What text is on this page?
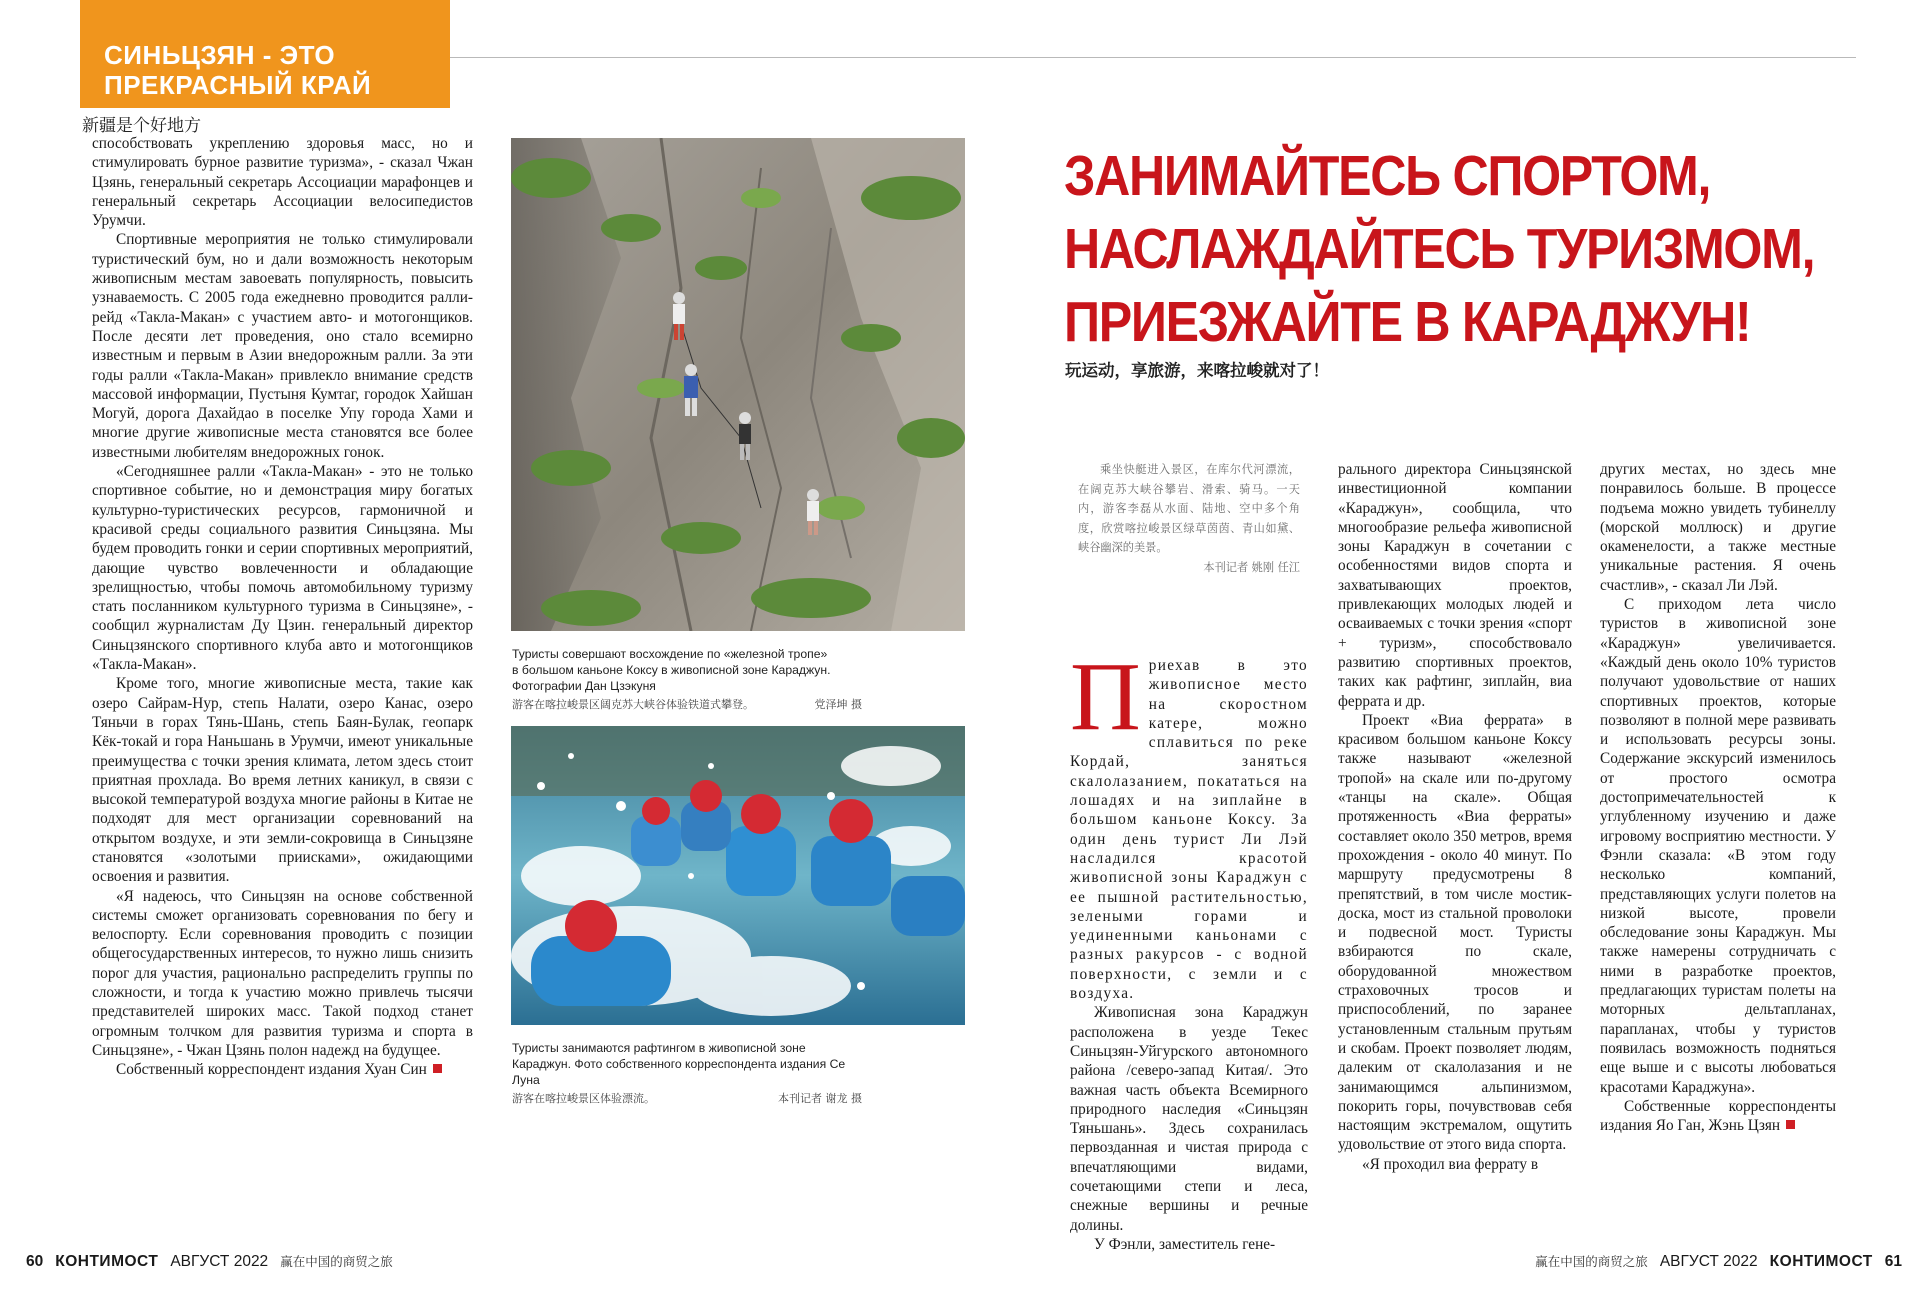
СИНЬЦЗЯН - ЭТО
ПРЕКРАСНЫЙ КРАЙ
新疆是个好地方

способствовать укреплению здоровья масс, но и стимулировать бурное развитие туризма», - сказал Чжан Цзянь, генеральный секретарь Ассоциации марафонцев и генеральный секретарь Ассоциации велосипедистов Урумчи.

Спортивные мероприятия не только стимулировали туристический бум, но и дали возможность некоторым живописным местам завоевать популярность, повысить узнаваемость. С 2005 года ежедневно проводится ралли-рейд «Такла-Макан» с участием авто- и мотогонщиков. После десяти лет проведения, оно стало всемирно известным и первым в Азии внедорожным ралли. За эти годы ралли «Такла-Макан» привлекло внимание средств массовой информации, Пустыня Кумтаг, городок Хайшан Могуй, дорога Дахайдао в поселке Упу города Хами и многие другие живописные места становятся все более известными любителям внедорожных гонок.

«Сегодняшнее ралли «Такла-Макан» - это не только спортивное событие, но и демонстрация миру богатых культурно-туристических ресурсов, гармоничной и красивой среды социального развития Синьцзяна. Мы будем проводить гонки и серии спортивных мероприятий, дающие чувство вовлеченности и обладающие зрелищностью, чтобы помочь автомобильному туризму стать посланником культурного туризма в Синьцзяне», - сообщил журналистам Ду Цзин. генеральный директор Синьцзянского спортивного клуба авто и мотогонщиков «Такла-Макан».

Кроме того, многие живописные места, такие как озеро Сайрам-Нур, степь Налати, озеро Канас, озеро Тяньчи в горах Тянь-Шань, степь Баян-Булак, геопарк Кёк-токай и гора Наньшань в Урумчи, имеют уникальные преимущества с точки зрения климата, летом здесь стоит приятная прохлада. Во время летних каникул, в связи с высокой температурой воздуха многие районы в Китае не подходят для мест организации соревнований на открытом воздухе, и эти земли-сокровища в Синьцзяне становятся «золотыми приисками», ожидающими освоения и развития.

«Я надеюсь, что Синьцзян на основе собственной системы сможет организовать соревнования по бегу и велоспорту. Если соревнования проводить с позиции общегосударственных интересов, то нужно лишь снизить порог для участия, рационально распределить группы по сложности, и тогда к участию можно привлечь тысячи представителей широких масс. Такой подход станет огромным толчком для развития туризма и спорта в Синьцзяне», - Чжан Цзянь полон надежд на будущее.

Собственный корреспондент издания Хуан Син

Туристы совершают восхождение по «железной тропе»
в большом каньоне Коксу в живописной зоне Караджун.
Фотографии Дан Цзэкуня
游客在喀拉峻景区阔克苏大峡谷体验铁道式攀登。	党泽坤 摄
Туристы занимаются рафтингом в живописной зоне
Караджун. Фото собственного корреспондента издания Се
Луна
游客在喀拉峻景区体验漂流。	本刊记者 谢龙 摄
ЗАНИМАЙТЕСЬ СПОРТОМ,
НАСЛАЖДАЙТЕСЬ ТУРИЗМОМ,
ПРИЕЗЖАЙТЕ В КАРАДЖУН!
玩运动，享旅游，来喀拉峻就对了！
乘坐快艇进入景区，在库尔代河漂流，在阔克苏大峡谷攀岩、滑索、骑马。一天内，游客李磊从水面、陆地、空中多个角度，欣赏喀拉峻景区绿草茵茵、青山如黛、峡谷幽深的美景。
本刊记者 姚刚 任江

Приехав в это живописное место на скоростном катере, можно сплавиться по реке Кордай, заняться скалолазанием, покататься на лошадях и на зиплайне в большом каньоне Коксу. За один день турист Ли Лэй насладился красотой живописной зоны Караджун с ее пышной растительностью, зелеными горами и уединенными каньонами с разных ракурсов - с водной поверхности, с земли и с воздуха.

Живописная зона Караджун расположена в уезде Текес Синьцзян-Уйгурского автономного района /северо-запад Китая/. Это важная часть объекта Всемирного природного наследия «Синьцзян Тяньшань». Здесь сохранилась первозданная и чистая природа с впечатляющими видами, сочетающими степи и леса, снежные вершины и речные долины.

У Фэнли, заместитель гене-

рального директора Синьцзянской инвестиционной компании «Караджун», сообщила, что многообразие рельефа живописной зоны Караджун в сочетании с особенностями видов спорта и захватывающих проектов, привлекающих молодых людей и осваиваемых с точки зрения «спорт + туризм», способствовало развитию спортивных проектов, таких как рафтинг, зиплайн, виа феррата и др.

Проект «Виа феррата» в красивом большом каньоне Коксу также называют «железной тропой» на скале или по-другому «танцы на скале». Общая протяженность «Виа ферраты» составляет около 350 метров, время прохождения - около 40 минут. По маршруту предусмотрены 8 препятствий, в том числе мостик-доска, мост из стальной проволоки и подвесной мост. Туристы взбираются по скале, оборудованной множеством страховочных тросов и приспособлений, по заранее установленным стальным прутьям и скобам. Проект позволяет людям, далеким от скалолазания и не занимающимся альпинизмом, покорить горы, почувствовав себя настоящим экстремалом, ощутить удовольствие от этого вида спорта.

«Я проходил виа феррату в

других местах, но здесь мне понравилось больше. В процессе подъема можно увидеть тубинеллу (морской моллюск) и другие окаменелости, а также местные уникальные растения. Я очень счастлив», - сказал Ли Лэй.

С приходом лета число туристов в живописной зоне «Караджун» увеличивается. «Каждый день около 10% туристов получают удовольствие от наших спортивных проектов, которые позволяют в полной мере развивать и использовать ресурсы зоны. Содержание экскурсий изменилось от простого осмотра достопримечательностей к углубленному изучению и даже игровому восприятию местности. У Фэнли сказала: «В этом году несколько компаний, представляющих услуги полетов на низкой высоте, провели обследование зоны Караджун. Мы также намерены сотрудничать с ними в разработке проектов, предлагающих туристам полеты на моторных дельтапланах, парапланах, чтобы у туристов появилась возможность подняться еще выше и с высоты любоваться красотами Караджуна».

Собственные корреспонденты издания Яо Ган, Жэнь Цзян

60 КОНТИМОСТ АВГУСТ 2022 赢在中国的商贸之旅	赢在中国的商贸之旅 АВГУСТ 2022 КОНТИМОСТ 61
